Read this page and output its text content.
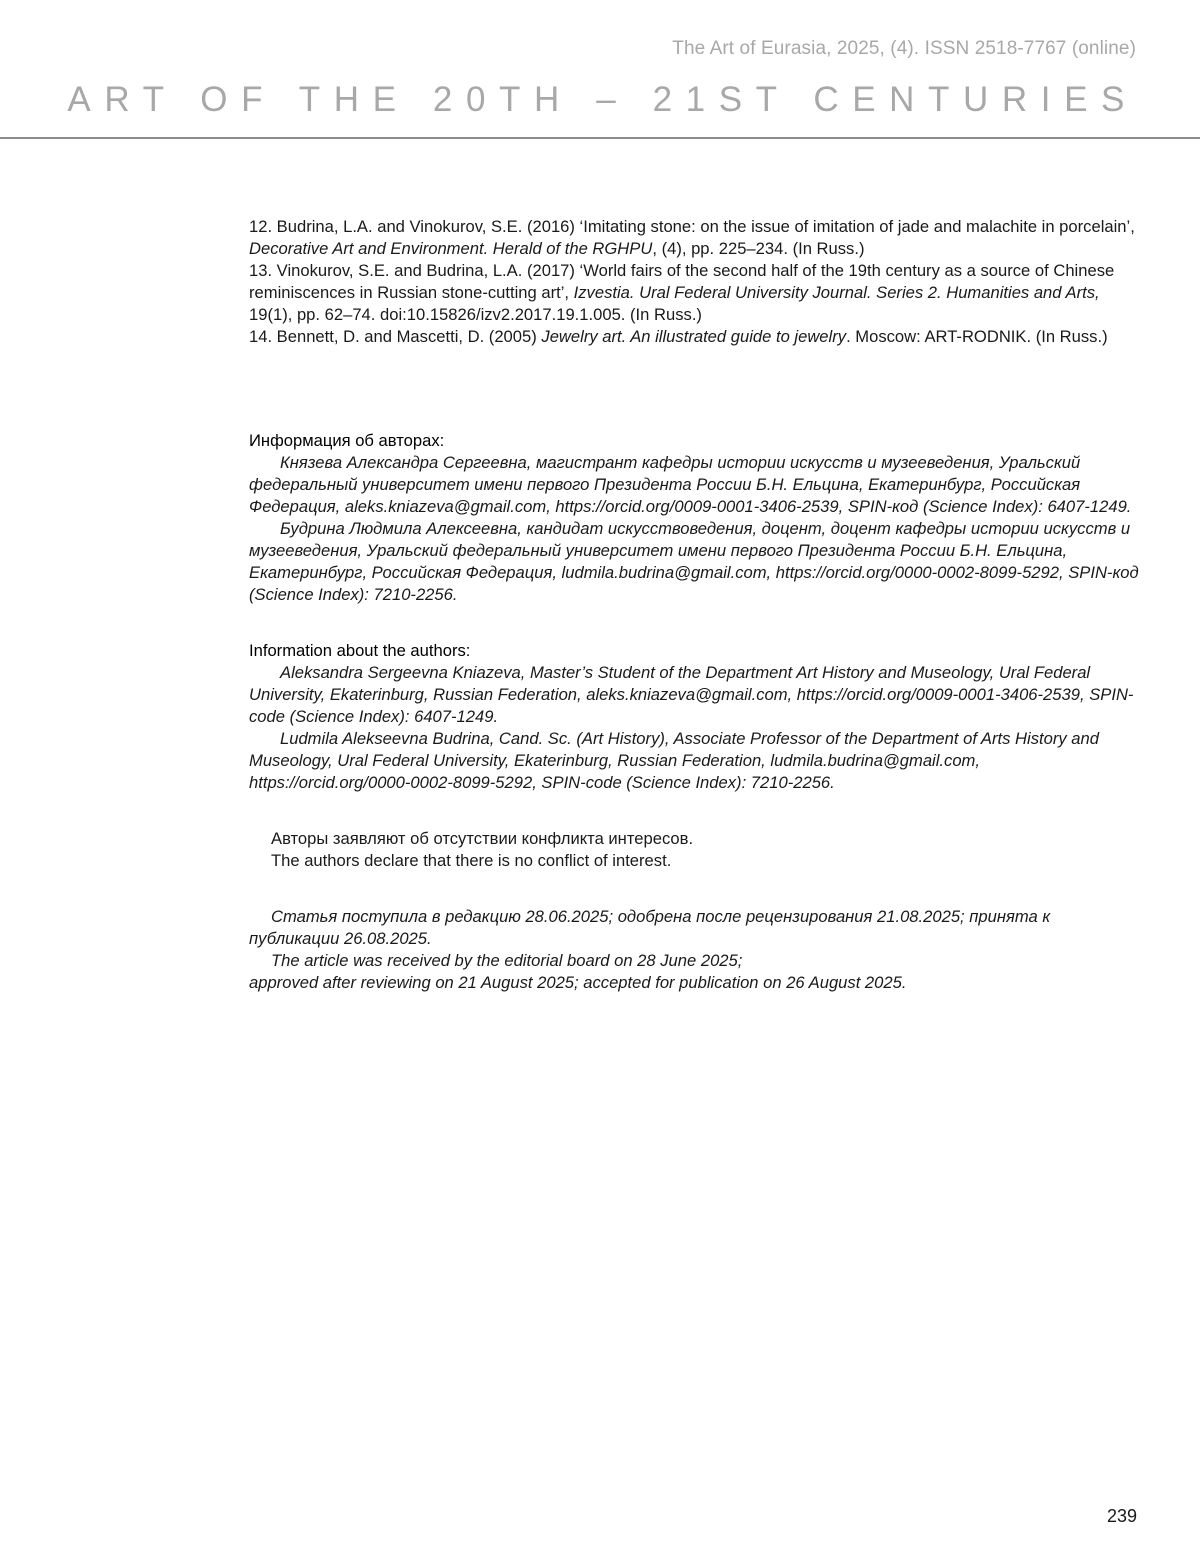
The Art of Eurasia, 2025, (4). ISSN 2518-7767 (online)
ART OF THE 20TH – 21ST CENTURIES

12. Budrina, L.A. and Vinokurov, S.E. (2016) ‘Imitating stone: on the issue of imitation of jade and malachite in porcelain’, Decorative Art and Environment. Herald of the RGHPU, (4), pp. 225–234. (In Russ.)

13. Vinokurov, S.E. and Budrina, L.A. (2017) ‘World fairs of the second half of the 19th century as a source of Chinese reminiscences in Russian stone-cutting art’, Izvestia. Ural Federal University Journal. Series 2. Humanities and Arts, 19(1), pp. 62–74. doi:10.15826/izv2.2017.19.1.005. (In Russ.)

14. Bennett, D. and Mascetti, D. (2005) Jewelry art. An illustrated guide to jewelry. Moscow: ART-RODNIK. (In Russ.)

Информация об авторах:

Князева Александра Сергеевна, магистрант кафедры истории искусств и музееведения, Уральский федеральный университет имени первого Президента России Б.Н. Ельцина, Екатеринбург, Российская Федерация, aleks.kniazeva@gmail.com, https://orcid.org/0009-0001-3406-2539, SPIN-код (Science Index): 6407-1249.

Будрина Людмила Алексеевна, кандидат искусствоведения, доцент, доцент кафедры истории искусств и музееведения, Уральский федеральный университет имени первого Президента России Б.Н. Ельцина, Екатеринбург, Российская Федерация, ludmila.budrina@gmail.com, https://orcid.org/0000-0002-8099-5292, SPIN-код (Science Index): 7210-2256.

Information about the authors:

Aleksandra Sergeevna Kniazeva, Master’s Student of the Department Art History and Museology, Ural Federal University, Ekaterinburg, Russian Federation, aleks.kniazeva@gmail.com, https://orcid.org/0009-0001-3406-2539, SPIN-code (Science Index): 6407-1249.

Ludmila Alekseevna Budrina, Cand. Sc. (Art History), Associate Professor of the Department of Arts History and Museology, Ural Federal University, Ekaterinburg, Russian Federation, ludmila.budrina@gmail.com, https://orcid.org/0000-0002-8099-5292, SPIN-code (Science Index): 7210-2256.

Авторы заявляют об отсутствии конфликта интересов.

The authors declare that there is no conflict of interest.

Статья поступила в редакцию 28.06.2025; одобрена после рецензирования 21.08.2025; принята к публикации 26.08.2025.

The article was received by the editorial board on 28 June 2025;

approved after reviewing on 21 August 2025; accepted for publication on 26 August 2025.

239
